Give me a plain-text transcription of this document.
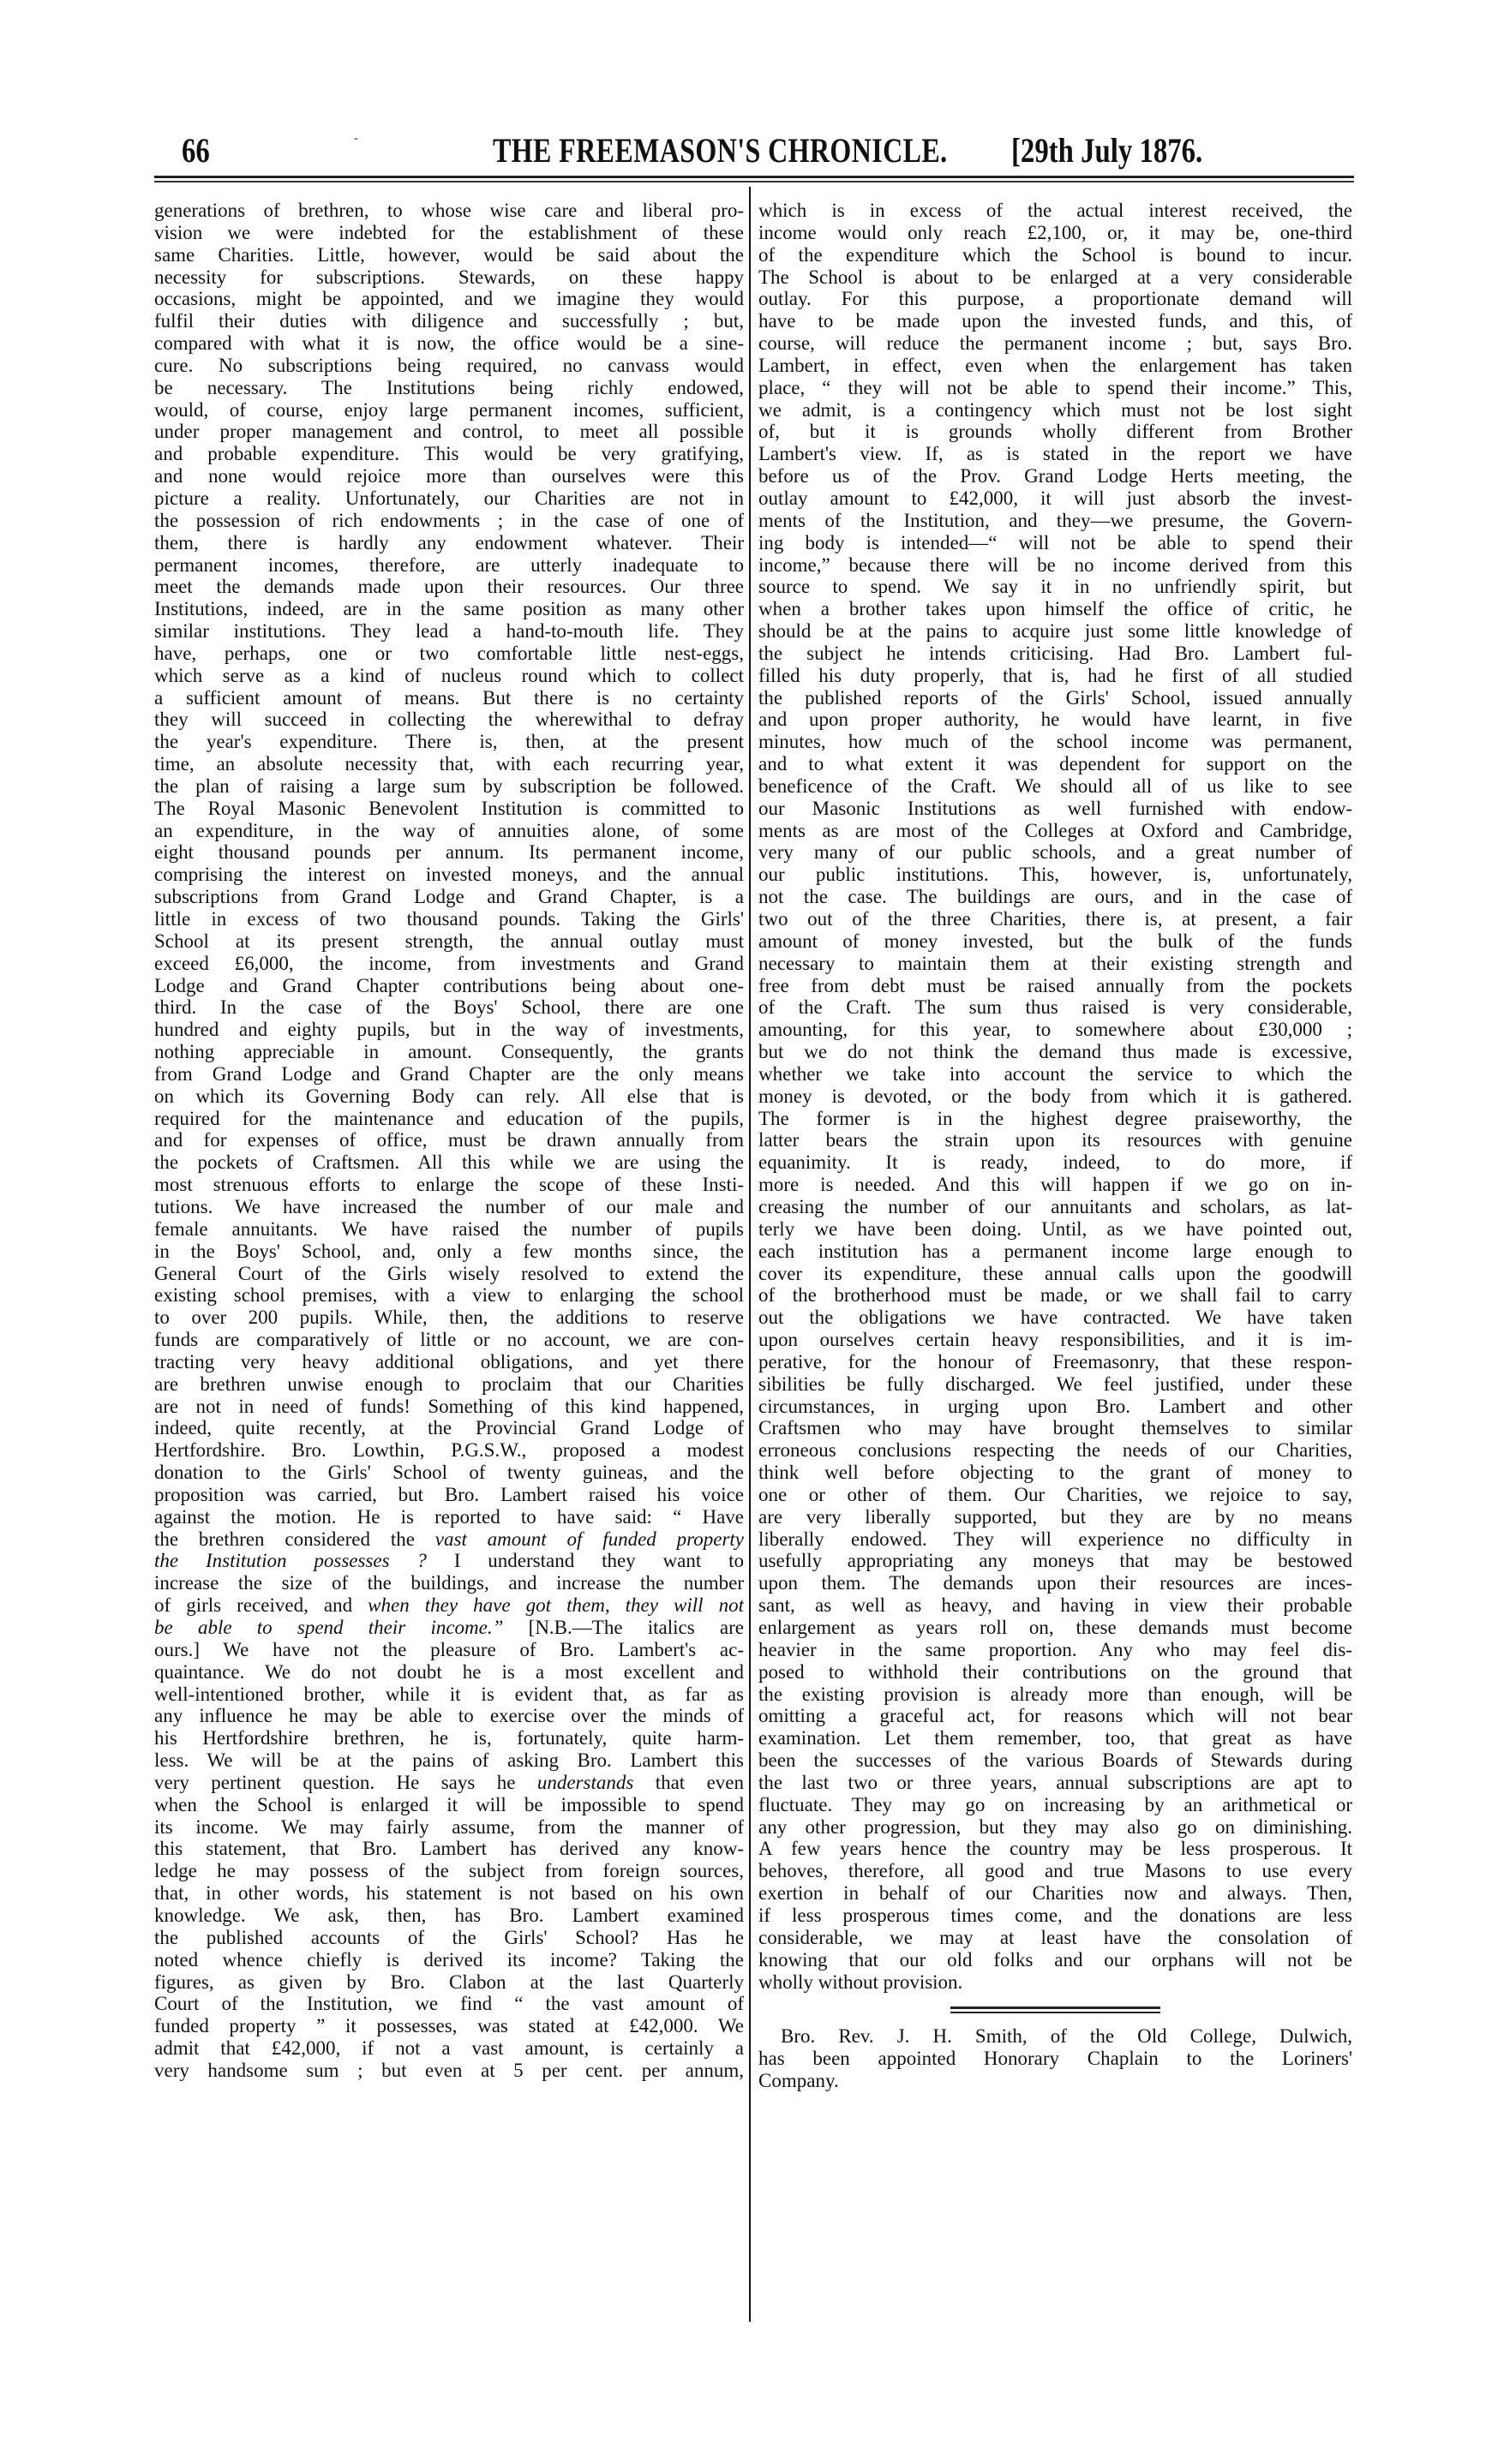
66	-	THE FREEMASON'S CHRONICLE. [29th July 1876.
generations of brethren, to whose wise care and liberal pro-
vision we were indebted for the establishment of these
same Charities. Little, however, would be said about the
necessity for subscriptions. Stewards, on these happy
occasions, might be appointed, and we imagine they would
fulfil their duties with diligence and successfully ; but,
compared with what it is now, the office would be a sine-
cure. No subscriptions being required, no canvass would
be necessary. The Institutions being richly endowed,
would, of course, enjoy large permanent incomes, sufficient,
under proper management and control, to meet all possible
and probable expenditure. This would be very gratifying,
and none would rejoice more than ourselves were this
picture a reality. Unfortunately, our Charities are not in
the possession of rich endowments ; in the case of one of
them, there is hardly any endowment whatever. Their
permanent incomes, therefore, are utterly inadequate to
meet the demands made upon their resources. Our three
Institutions, indeed, are in the same position as many other
similar institutions. They lead a hand-to-mouth life. They
have, perhaps, one or two comfortable little nest-eggs,
which serve as a kind of nucleus round which to collect
a sufficient amount of means. But there is no certainty
they will succeed in collecting the wherewithal to defray
the year's expenditure. There is, then, at the present
time, an absolute necessity that, with each recurring year,
the plan of raising a large sum by subscription be followed.
The Royal Masonic Benevolent Institution is committed to
an expenditure, in the way of annuities alone, of some
eight thousand pounds per annum. Its permanent income,
comprising the interest on invested moneys, and the annual
subscriptions from Grand Lodge and Grand Chapter, is a
little in excess of two thousand pounds. Taking the Girls'
School at its present strength, the annual outlay must
exceed £6,000, the income, from investments and Grand
Lodge and Grand Chapter contributions being about one-
third. In the case of the Boys' School, there are one
hundred and eighty pupils, but in the way of investments,
nothing appreciable in amount. Consequently, the grants
from Grand Lodge and Grand Chapter are the only means
on which its Governing Body can rely. All else that is
required for the maintenance and education of the pupils,
and for expenses of office, must be drawn annually from
the pockets of Craftsmen. All this while we are using the
most strenuous efforts to enlarge the scope of these Insti-
tutions. We have increased the number of our male and
female annuitants. We have raised the number of pupils
in the Boys' School, and, only a few months since, the
General Court of the Girls wisely resolved to extend the
existing school premises, with a view to enlarging the school
to over 200 pupils. While, then, the additions to reserve
funds are comparatively of little or no account, we are con-
tracting very heavy additional obligations, and yet there
are brethren unwise enough to proclaim that our Charities
are not in need of funds! Something of this kind happened,
indeed, quite recently, at the Provincial Grand Lodge of
Hertfordshire. Bro. Lowthin, P.G.S.W., proposed a modest
donation to the Girls' School of twenty guineas, and the
proposition was carried, but Bro. Lambert raised his voice
against the motion. He is reported to have said: “ Have
the brethren considered the vast amount of funded property
the Institution possesses ? I understand they want to
increase the size of the buildings, and increase the number
of girls received, and when they have got them, they will not
be able to spend their income.” [N.B.—The italics are
ours.] We have not the pleasure of Bro. Lambert's ac-
quaintance. We do not doubt he is a most excellent and
well-intentioned brother, while it is evident that, as far as
any influence he may be able to exercise over the minds of
his Hertfordshire brethren, he is, fortunately, quite harm-
less. We will be at the pains of asking Bro. Lambert this
very pertinent question. He says he understands that even
when the School is enlarged it will be impossible to spend
its income. We may fairly assume, from the manner of
this statement, that Bro. Lambert has derived any know-
ledge he may possess of the subject from foreign sources,
that, in other words, his statement is not based on his own
knowledge. We ask, then, has Bro. Lambert examined
the published accounts of the Girls' School? Has he
noted whence chiefly is derived its income? Taking the
figures, as given by Bro. Clabon at the last Quarterly
Court of the Institution, we find “ the vast amount of
funded property ” it possesses, was stated at £42,000. We
admit that £42,000, if not a vast amount, is certainly a
very handsome sum ; but even at 5 per cent. per annum,
which is in excess of the actual interest received, the
income would only reach £2,100, or, it may be, one-third
of the expenditure which the School is bound to incur.
The School is about to be enlarged at a very considerable
outlay. For this purpose, a proportionate demand will
have to be made upon the invested funds, and this, of
course, will reduce the permanent income ; but, says Bro.
Lambert, in effect, even when the enlargement has taken
place, “ they will not be able to spend their income.” This,
we admit, is a contingency which must not be lost sight
of, but it is grounds wholly different from Brother
Lambert's view. If, as is stated in the report we have
before us of the Prov. Grand Lodge Herts meeting, the
outlay amount to £42,000, it will just absorb the invest-
ments of the Institution, and they—we presume, the Govern-
ing body is intended—“ will not be able to spend their
income,” because there will be no income derived from this
source to spend. We say it in no unfriendly spirit, but
when a brother takes upon himself the office of critic, he
should be at the pains to acquire just some little knowledge of
the subject he intends criticising. Had Bro. Lambert ful-
filled his duty properly, that is, had he first of all studied
the published reports of the Girls' School, issued annually
and upon proper authority, he would have learnt, in five
minutes, how much of the school income was permanent,
and to what extent it was dependent for support on the
beneficence of the Craft. We should all of us like to see
our Masonic Institutions as well furnished with endow-
ments as are most of the Colleges at Oxford and Cambridge,
very many of our public schools, and a great number of
our public institutions. This, however, is, unfortunately,
not the case. The buildings are ours, and in the case of
two out of the three Charities, there is, at present, a fair
amount of money invested, but the bulk of the funds
necessary to maintain them at their existing strength and
free from debt must be raised annually from the pockets
of the Craft. The sum thus raised is very considerable,
amounting, for this year, to somewhere about £30,000 ;
but we do not think the demand thus made is excessive,
whether we take into account the service to which the
money is devoted, or the body from which it is gathered.
The former is in the highest degree praiseworthy, the
latter bears the strain upon its resources with genuine
equanimity. It is ready, indeed, to do more, if
more is needed. And this will happen if we go on in-
creasing the number of our annuitants and scholars, as lat-
terly we have been doing. Until, as we have pointed out,
each institution has a permanent income large enough to
cover its expenditure, these annual calls upon the goodwill
of the brotherhood must be made, or we shall fail to carry
out the obligations we have contracted. We have taken
upon ourselves certain heavy responsibilities, and it is im-
perative, for the honour of Freemasonry, that these respon-
sibilities be fully discharged. We feel justified, under these
circumstances, in urging upon Bro. Lambert and other
Craftsmen who may have brought themselves to similar
erroneous conclusions respecting the needs of our Charities,
think well before objecting to the grant of money to
one or other of them. Our Charities, we rejoice to say,
are very liberally supported, but they are by no means
liberally endowed. They will experience no difficulty in
usefully appropriating any moneys that may be bestowed
upon them. The demands upon their resources are inces-
sant, as well as heavy, and having in view their probable
enlargement as years roll on, these demands must become
heavier in the same proportion. Any who may feel dis-
posed to withhold their contributions on the ground that
the existing provision is already more than enough, will be
omitting a graceful act, for reasons which will not bear
examination. Let them remember, too, that great as have
been the successes of the various Boards of Stewards during
the last two or three years, annual subscriptions are apt to
fluctuate. They may go on increasing by an arithmetical or
any other progression, but they may also go on diminishing.
A few years hence the country may be less prosperous. It
behoves, therefore, all good and true Masons to use every
exertion in behalf of our Charities now and always. Then,
if less prosperous times come, and the donations are less
considerable, we may at least have the consolation of
knowing that our old folks and our orphans will not be
wholly without provision.
Bro. Rev. J. H. Smith, of the Old College, Dulwich,
has been appointed Honorary Chaplain to the Loriners'
Company.
